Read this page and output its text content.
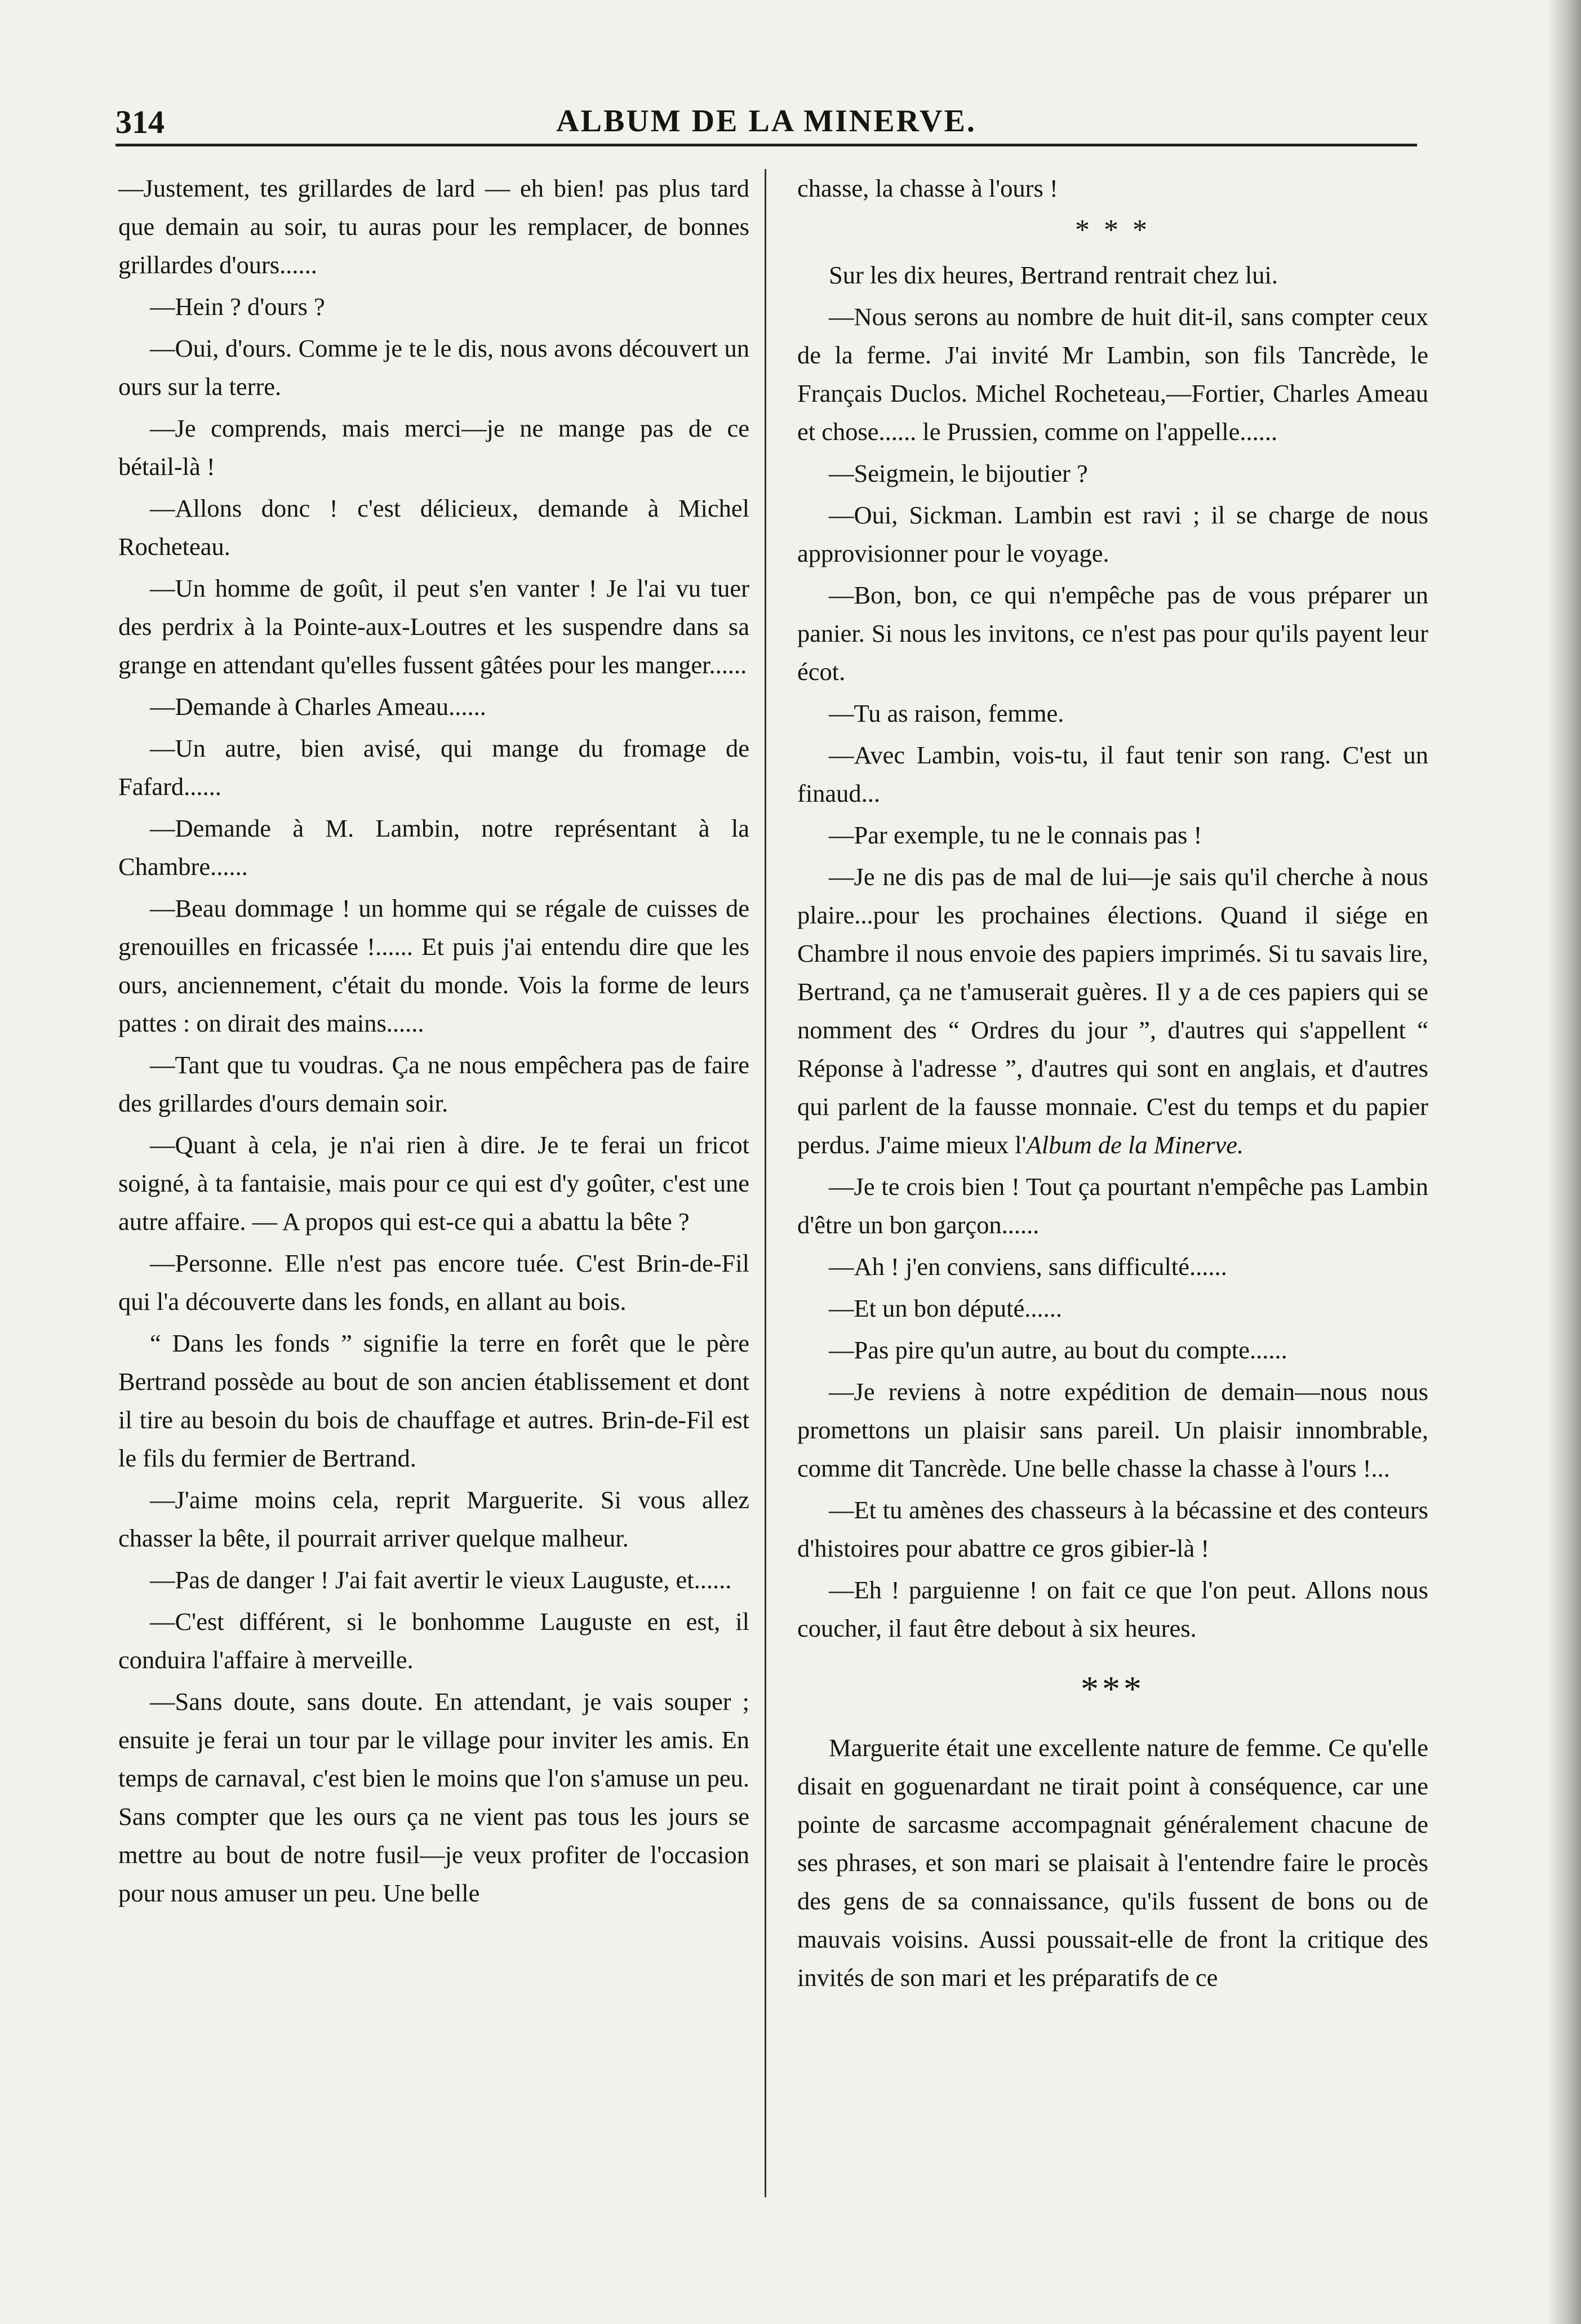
314	ALBUM DE LA MINERVE.

—Justement, tes grillardes de lard — eh bien! pas plus tard que demain au soir, tu auras pour les remplacer, de bonnes grillardes d'ours......

—Hein ? d'ours ?

—Oui, d'ours. Comme je te le dis, nous avons découvert un ours sur la terre.

—Je comprends, mais merci—je ne mange pas de ce bétail-là !

—Allons donc ! c'est délicieux, demande à Michel Rocheteau.

—Un homme de goût, il peut s'en vanter ! Je l'ai vu tuer des perdrix à la Pointe-aux-Loutres et les suspendre dans sa grange en attendant qu'elles fussent gâtées pour les manger......

—Demande à Charles Ameau......

—Un autre, bien avisé, qui mange du fromage de Fafard......

—Demande à M. Lambin, notre représentant à la Chambre......

—Beau dommage ! un homme qui se régale de cuisses de grenouilles en fricassée !...... Et puis j'ai entendu dire que les ours, anciennement, c'était du monde. Vois la forme de leurs pattes : on dirait des mains......

—Tant que tu voudras. Ça ne nous empêchera pas de faire des grillardes d'ours demain soir.

—Quant à cela, je n'ai rien à dire. Je te ferai un fricot soigné, à ta fantaisie, mais pour ce qui est d'y goûter, c'est une autre affaire. — A propos qui est-ce qui a abattu la bête ?

—Personne. Elle n'est pas encore tuée. C'est Brin-de-Fil qui l'a découverte dans les fonds, en allant au bois.

“ Dans les fonds ” signifie la terre en forêt que le père Bertrand possède au bout de son ancien établissement et dont il tire au besoin du bois de chauffage et autres. Brin-de-Fil est le fils du fermier de Bertrand.

—J'aime moins cela, reprit Marguerite. Si vous allez chasser la bête, il pourrait arriver quelque malheur.

—Pas de danger ! J'ai fait avertir le vieux Lauguste, et......

—C'est différent, si le bonhomme Lauguste en est, il conduira l'affaire à merveille.

—Sans doute, sans doute. En attendant, je vais souper ; ensuite je ferai un tour par le village pour inviter les amis. En temps de carnaval, c'est bien le moins que l'on s'amuse un peu. Sans compter que les ours ça ne vient pas tous les jours se mettre au bout de notre fusil—je veux profiter de l'occasion pour nous amuser un peu. Une belle

chasse, la chasse à l'ours !

* * *

Sur les dix heures, Bertrand rentrait chez lui.

—Nous serons au nombre de huit dit-il, sans compter ceux de la ferme. J'ai invité Mr Lambin, son fils Tancrède, le Français Duclos. Michel Rocheteau,—Fortier, Charles Ameau et chose...... le Prussien, comme on l'appelle......

—Seigmein, le bijoutier ?

—Oui, Sickman. Lambin est ravi ; il se charge de nous approvisionner pour le voyage.

—Bon, bon, ce qui n'empêche pas de vous préparer un panier. Si nous les invitons, ce n'est pas pour qu'ils payent leur écot.

—Tu as raison, femme.

—Avec Lambin, vois-tu, il faut tenir son rang. C'est un finaud...

—Par exemple, tu ne le connais pas !

—Je ne dis pas de mal de lui—je sais qu'il cherche à nous plaire...pour les prochaines élections. Quand il siége en Chambre il nous envoie des papiers imprimés. Si tu savais lire, Bertrand, ça ne t'amuserait guères. Il y a de ces papiers qui se nomment des “ Ordres du jour ”, d'autres qui s'appellent “ Réponse à l'adresse ”, d'autres qui sont en anglais, et d'autres qui parlent de la fausse monnaie. C'est du temps et du papier perdus. J'aime mieux l'Album de la Minerve.

—Je te crois bien ! Tout ça pourtant n'empêche pas Lambin d'être un bon garçon......

—Ah ! j'en conviens, sans difficulté......

—Et un bon député......

—Pas pire qu'un autre, au bout du compte......

—Je reviens à notre expédition de demain—nous nous promettons un plaisir sans pareil. Un plaisir innombrable, comme dit Tancrède. Une belle chasse la chasse à l'ours !...

—Et tu amènes des chasseurs à la bécassine et des conteurs d'histoires pour abattre ce gros gibier-là !

—Eh ! parguienne ! on fait ce que l'on peut. Allons nous coucher, il faut être debout à six heures.

***

Marguerite était une excellente nature de femme. Ce qu'elle disait en goguenardant ne tirait point à conséquence, car une pointe de sarcasme accompagnait généralement chacune de ses phrases, et son mari se plaisait à l'entendre faire le procès des gens de sa connaissance, qu'ils fussent de bons ou de mauvais voisins. Aussi poussait-elle de front la critique des invités de son mari et les préparatifs de ce
